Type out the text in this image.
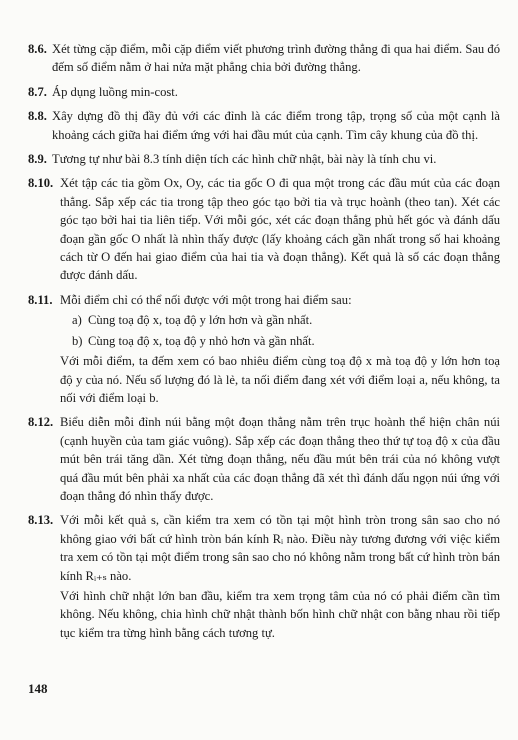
8.6. Xét từng cặp điểm, mỗi cặp điểm viết phương trình đường thẳng đi qua hai điểm. Sau đó đếm số điểm nằm ở hai nửa mặt phẳng chia bởi đường thẳng.
8.7. Áp dụng luồng min-cost.
8.8. Xây dựng đồ thị đầy đủ với các đỉnh là các điểm trong tập, trọng số của một cạnh là khoảng cách giữa hai điểm ứng với hai đầu mút của cạnh. Tìm cây khung của đồ thị.
8.9. Tương tự như bài 8.3 tính diện tích các hình chữ nhật, bài này là tính chu vi.
8.10. Xét tập các tia gồm Ox, Oy, các tia gốc O đi qua một trong các đầu mút của các đoạn thẳng. Sắp xếp các tia trong tập theo góc tạo bởi tia và trục hoành (theo tan). Xét các góc tạo bởi hai tia liên tiếp. Với mỗi góc, xét các đoạn thẳng phủ hết góc và đánh dấu đoạn gần gốc O nhất là nhìn thấy được (lấy khoảng cách gần nhất trong số hai khoảng cách từ O đến hai giao điểm của hai tia và đoạn thẳng). Kết quả là số các đoạn thẳng được đánh dấu.
8.11. Mỗi điểm chỉ có thể nối được với một trong hai điểm sau:
a) Cùng toạ độ x, toạ độ y lớn hơn và gần nhất.
b) Cùng toạ độ x, toạ độ y nhỏ hơn và gần nhất.
Với mỗi điểm, ta đếm xem có bao nhiêu điểm cùng toạ độ x mà toạ độ y lớn hơn toạ độ y của nó. Nếu số lượng đó là lẻ, ta nối điểm đang xét với điểm loại a, nếu không, ta nối với điểm loại b.
8.12. Biểu diễn mỗi đỉnh núi bằng một đoạn thẳng nằm trên trục hoành thể hiện chân núi (cạnh huyền của tam giác vuông). Sắp xếp các đoạn thẳng theo thứ tự toạ độ x của đầu mút bên trái tăng dần. Xét từng đoạn thẳng, nếu đầu mút bên trái của nó không vượt quá đầu mút bên phải xa nhất của các đoạn thẳng đã xét thì đánh dấu ngọn núi ứng với đoạn thẳng đó nhìn thấy được.
8.13. Với mỗi kết quả s, cần kiểm tra xem có tồn tại một hình tròn trong sân sao cho nó không giao với bất cứ hình tròn bán kính Rᵢ nào. Điều này tương đương với việc kiểm tra xem có tồn tại một điểm trong sân sao cho nó không nằm trong bất cứ hình tròn bán kính Rᵢ₊ₛ nào.
Với hình chữ nhật lớn ban đầu, kiểm tra xem trọng tâm của nó có phải điểm cần tìm không. Nếu không, chia hình chữ nhật thành bốn hình chữ nhật con bằng nhau rồi tiếp tục kiểm tra từng hình bằng cách tương tự.
148
